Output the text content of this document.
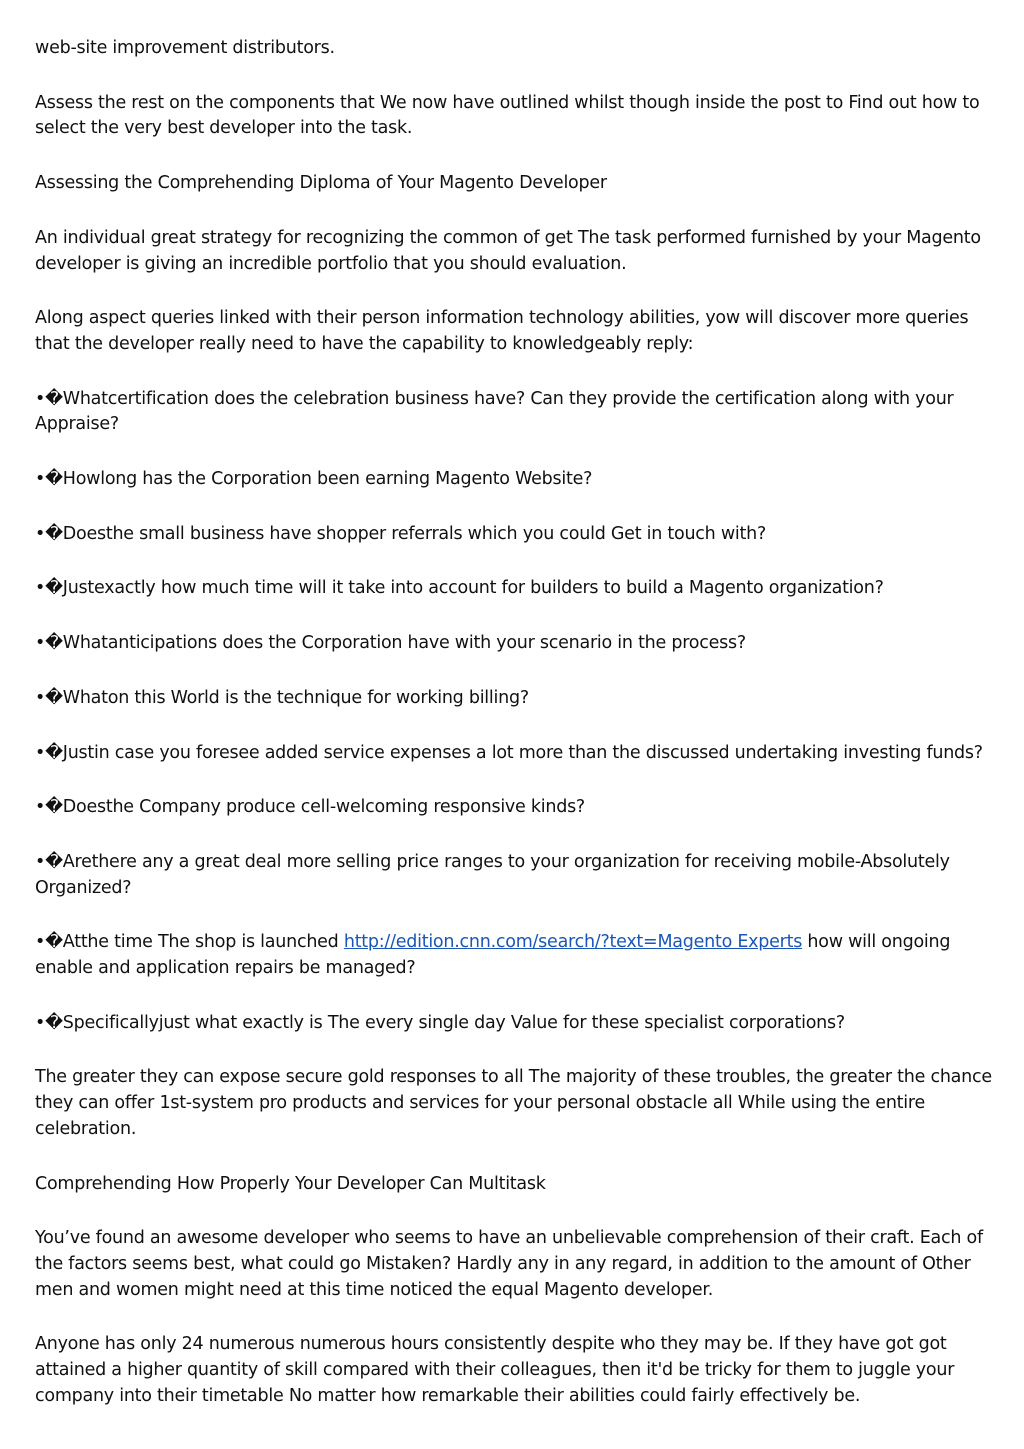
web-site improvement distributors.

Assess the rest on the components that We now have outlined whilst though inside the post to Find out how to select the very best developer into the task.

Assessing the Comprehending Diploma of Your Magento Developer

An individual great strategy for recognizing the common of get The task performed furnished by your Magento developer is giving an incredible portfolio that you should evaluation.

Along aspect queries linked with their person information technology abilities, yow will discover more queries that the developer really need to have the capability to knowledgeably reply:

•�Whatcertification does the celebration business have? Can they provide the certification along with your Appraise?
•�Howlong has the Corporation been earning Magento Website?
•�Doesthe small business have shopper referrals which you could Get in touch with?
•�Justexactly how much time will it take into account for builders to build a Magento organization?
•�Whatanticipations does the Corporation have with your scenario in the process?
•�Whaton this World is the technique for working billing?
•�Justin case you foresee added service expenses a lot more than the discussed undertaking investing funds?
•�Doesthe Company produce cell-welcoming responsive kinds?
•�Arethere any a great deal more selling price ranges to your organization for receiving mobile-Absolutely Organized?
•�Atthe time The shop is launched http://edition.cnn.com/search/?text=Magento Experts how will ongoing enable and application repairs be managed?
•�Specificallyjust what exactly is The every single day Value for these specialist corporations?

The greater they can expose secure gold responses to all The majority of these troubles, the greater the chance they can offer 1st-system pro products and services for your personal obstacle all While using the entire celebration.

Comprehending How Properly Your Developer Can Multitask

You’ve found an awesome developer who seems to have an unbelievable comprehension of their craft. Each of the factors seems best, what could go Mistaken? Hardly any in any regard, in addition to the amount of Other men and women might need at this time noticed the equal Magento developer.

Anyone has only 24 numerous numerous hours consistently despite who they may be. If they have got got attained a higher quantity of skill compared with their colleagues, then it'd be tricky for them to juggle your company into their timetable No matter how remarkable their abilities could fairly effectively be.
